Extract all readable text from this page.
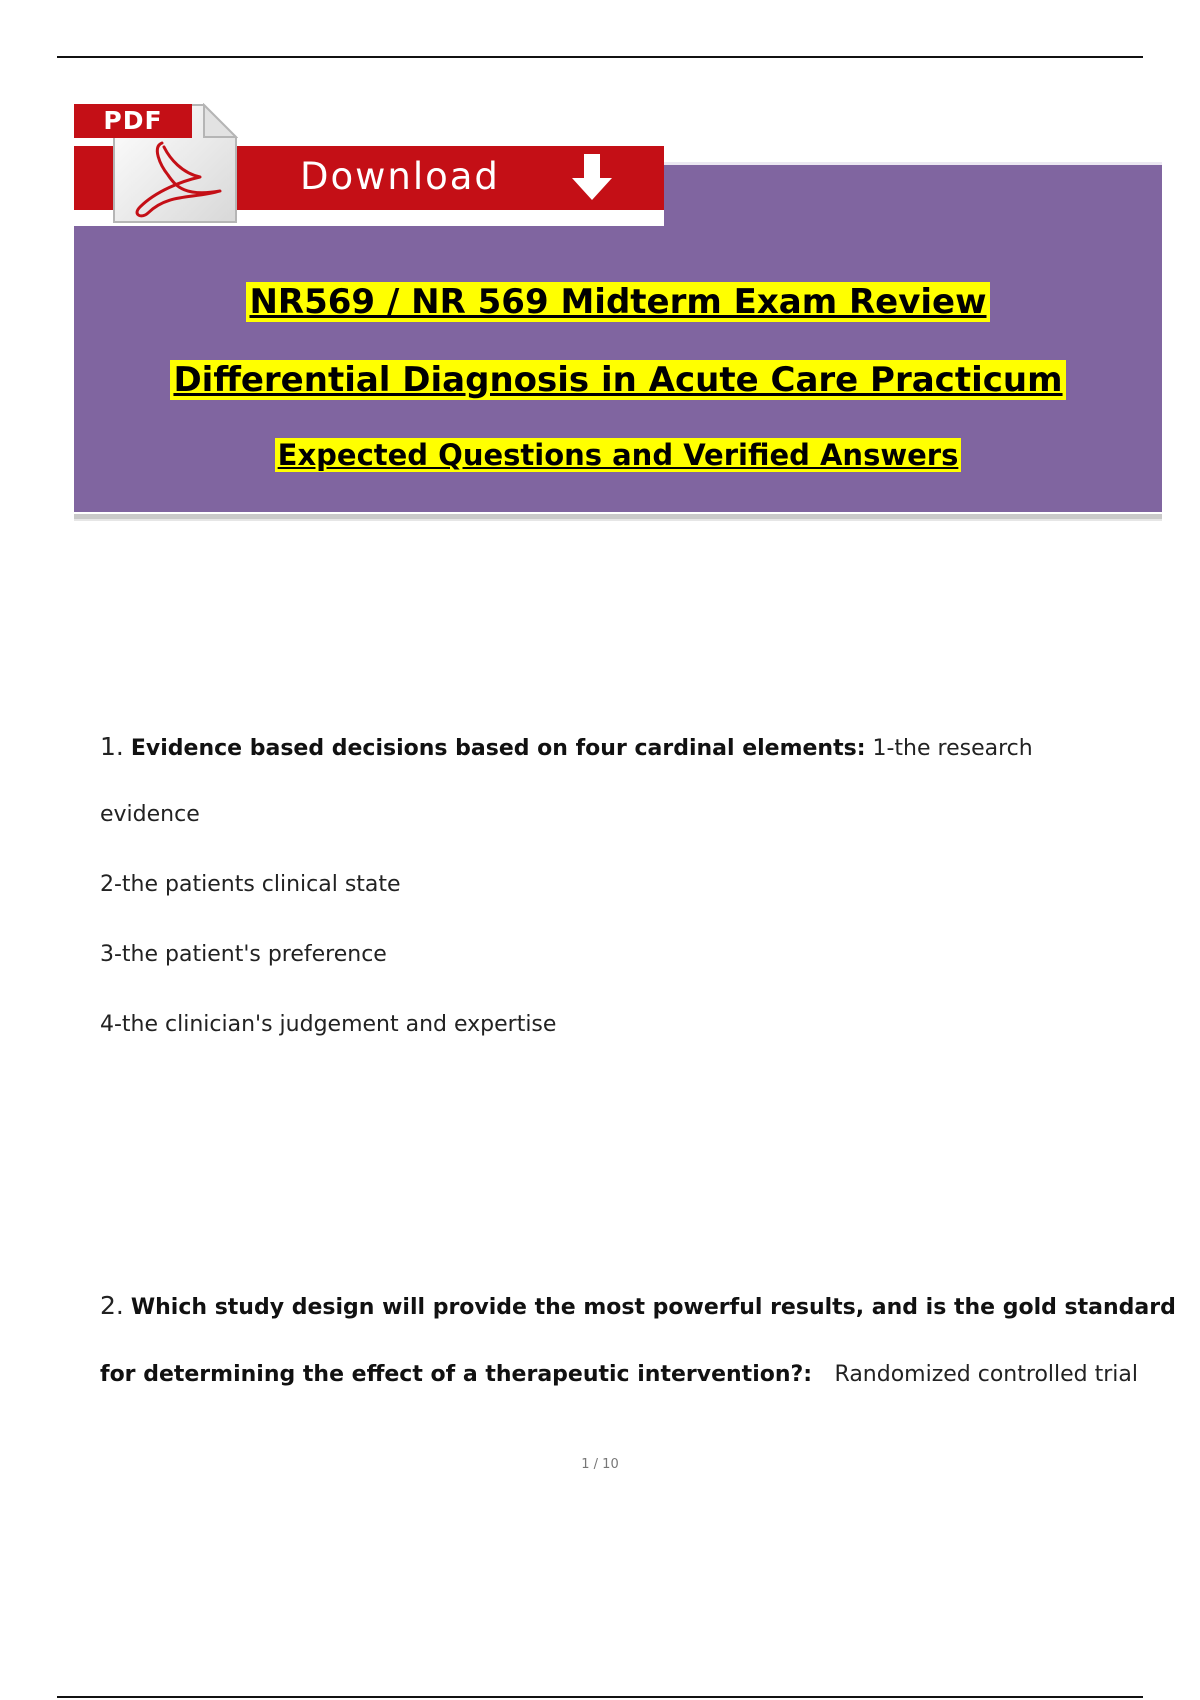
PDF
Download
NR569 / NR 569 Midterm Exam Review
Differential Diagnosis in Acute Care Practicum
Expected Questions and Verified Answers
1. Evidence based decisions based on four cardinal elements: 1-the research
evidence
2-the patients clinical state
3-the patient's preference
4-the clinician's judgement and expertise
2. Which study design will provide the most powerful results, and is the gold standard
for determining the effect of a therapeutic intervention?: Randomized controlled trial
1 / 10
